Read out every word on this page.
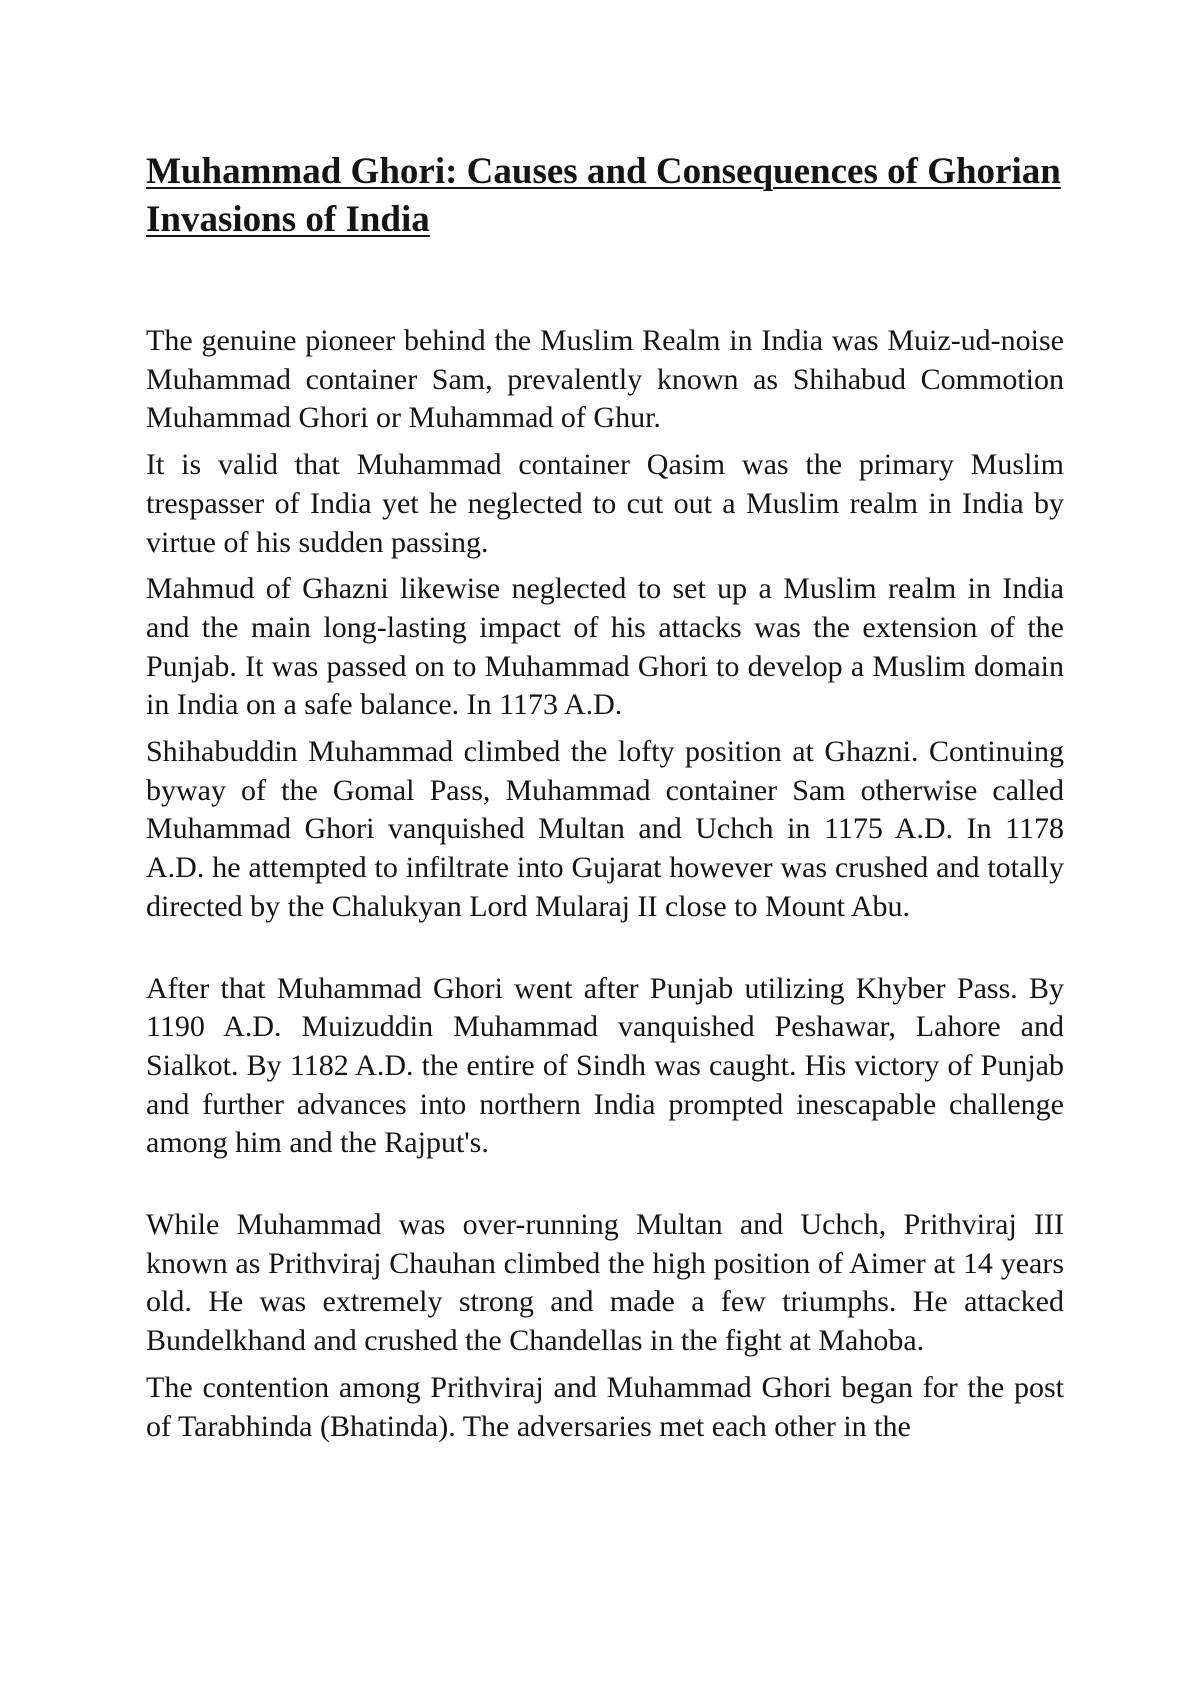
Muhammad Ghori: Causes and Consequences of Ghorian Invasions of India

The genuine pioneer behind the Muslim Realm in India was Muiz-ud-noise Muhammad container Sam, prevalently known as Shihabud Commotion Muhammad Ghori or Muhammad of Ghur.

It is valid that Muhammad container Qasim was the primary Muslim trespasser of India yet he neglected to cut out a Muslim realm in India by virtue of his sudden passing.

Mahmud of Ghazni likewise neglected to set up a Muslim realm in India and the main long-lasting impact of his attacks was the extension of the Punjab. It was passed on to Muhammad Ghori to develop a Muslim domain in India on a safe balance. In 1173 A.D.

Shihabuddin Muhammad climbed the lofty position at Ghazni. Continuing byway of the Gomal Pass, Muhammad container Sam otherwise called Muhammad Ghori vanquished Multan and Uchch in 1175 A.D. In 1178 A.D. he attempted to infiltrate into Gujarat however was crushed and totally directed by the Chalukyan Lord Mularaj II close to Mount Abu.

After that Muhammad Ghori went after Punjab utilizing Khyber Pass. By 1190 A.D. Muizuddin Muhammad vanquished Peshawar, Lahore and Sialkot. By 1182 A.D. the entire of Sindh was caught. His victory of Punjab and further advances into northern India prompted inescapable challenge among him and the Rajput's.

While Muhammad was over-running Multan and Uchch, Prithviraj III known as Prithviraj Chauhan climbed the high position of Aimer at 14 years old. He was extremely strong and made a few triumphs. He attacked Bundelkhand and crushed the Chandellas in the fight at Mahoba.

The contention among Prithviraj and Muhammad Ghori began for the post of Tarabhinda (Bhatinda). The adversaries met each other in the
